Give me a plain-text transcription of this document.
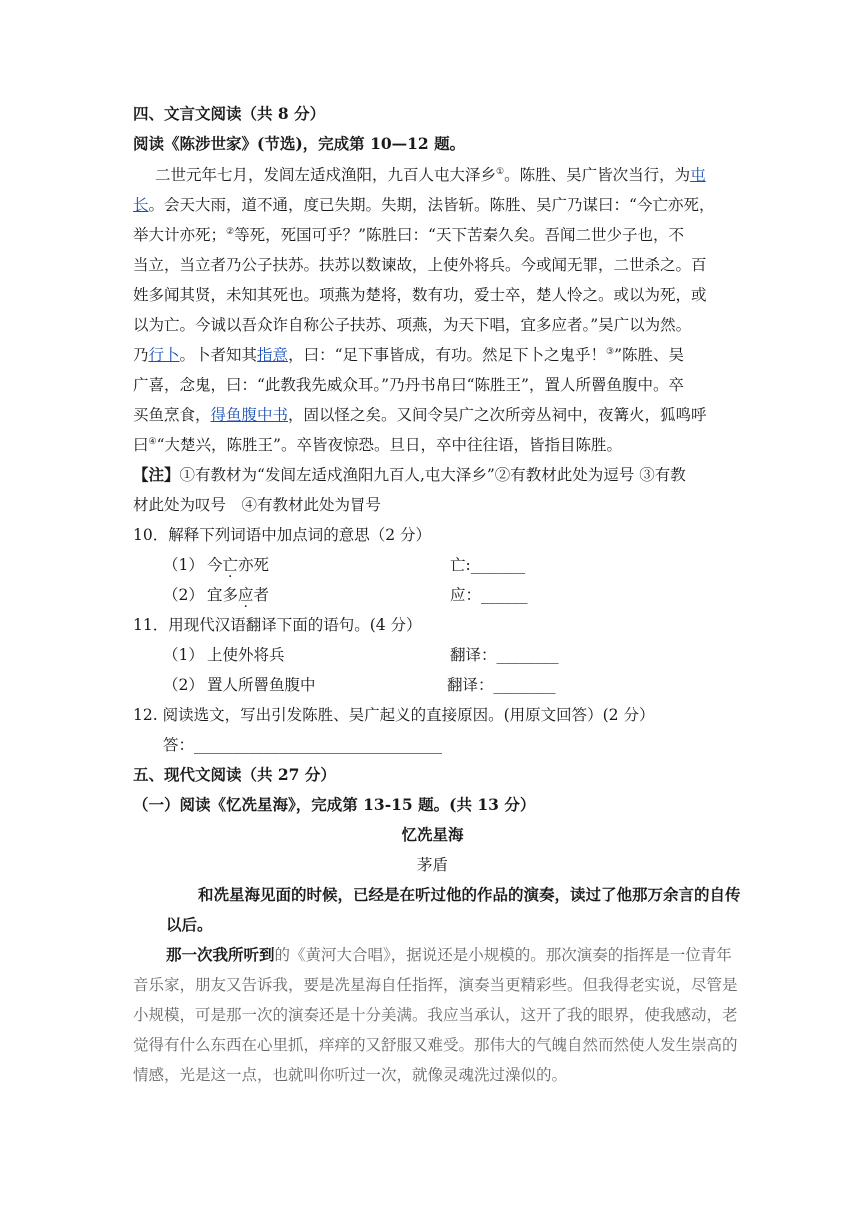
四、文言文阅读（共 8 分）
阅读《陈涉世家》(节选)，完成第 10—12 题。
二世元年七月，发闾左适戍渔阳，九百人屯大泽乡①。陈胜、吴广皆次当行，为屯
长。会天大雨，道不通，度已失期。失期，法皆斩。陈胜、吴广乃谋曰：“今亡亦死，
举大计亦死；②等死，死国可乎？”陈胜曰：“天下苦秦久矣。吾闻二世少子也，不
当立，当立者乃公子扶苏。扶苏以数谏故，上使外将兵。今或闻无罪，二世杀之。百
姓多闻其贤，未知其死也。项燕为楚将，数有功，爱士卒，楚人怜之。或以为死，或
以为亡。今诚以吾众诈自称公子扶苏、项燕，为天下唱，宜多应者。”吴广以为然。
乃行卜。卜者知其指意，曰：“足下事皆成，有功。然足下卜之鬼乎！③”陈胜、吴
广喜，念鬼，曰：“此教我先威众耳。”乃丹书帛曰“陈胜王”，置人所罾鱼腹中。卒
买鱼烹食，得鱼腹中书，固以怪之矣。又间令吴广之次所旁丛祠中，夜篝火，狐鸣呼
曰④“大楚兴，陈胜王”。卒皆夜惊恐。旦日，卒中往往语，皆指目陈胜。
【注】①有教材为“发闾左适戍渔阳九百人,屯大泽乡”②有教材此处为逗号 ③有教
材此处为叹号　④有教材此处为冒号
10．解释下列词语中加点词的意思（2 分）
（1） 今亡亦死	亡:_______
（2） 宜多应者	应：______
11．用现代汉语翻译下面的语句。(4 分）
（1） 上使外将兵	翻译：________
（2） 置人所罾鱼腹中	翻译：________
12. 阅读选文，写出引发陈胜、吴广起义的直接原因。(用原文回答）(2 分）
答：________________________________
五、现代文阅读（共 27 分）
（一）阅读《忆冼星海》，完成第 13-15 题。(共 13 分）
忆冼星海
茅盾
和冼星海见面的时候，已经是在听过他的作品的演奏，读过了他那万余言的自传
以后。
那一次我所听到的《黄河大合唱》，据说还是小规模的。那次演奏的指挥是一位青年
音乐家，朋友又告诉我，要是冼星海自任指挥，演奏当更精彩些。但我得老实说，尽管是
小规模，可是那一次的演奏还是十分美满。我应当承认，这开了我的眼界，使我感动，老
觉得有什么东西在心里抓，痒痒的又舒服又难受。那伟大的气魄自然而然使人发生崇高的
情感，光是这一点，也就叫你听过一次，就像灵魂洗过澡似的。
